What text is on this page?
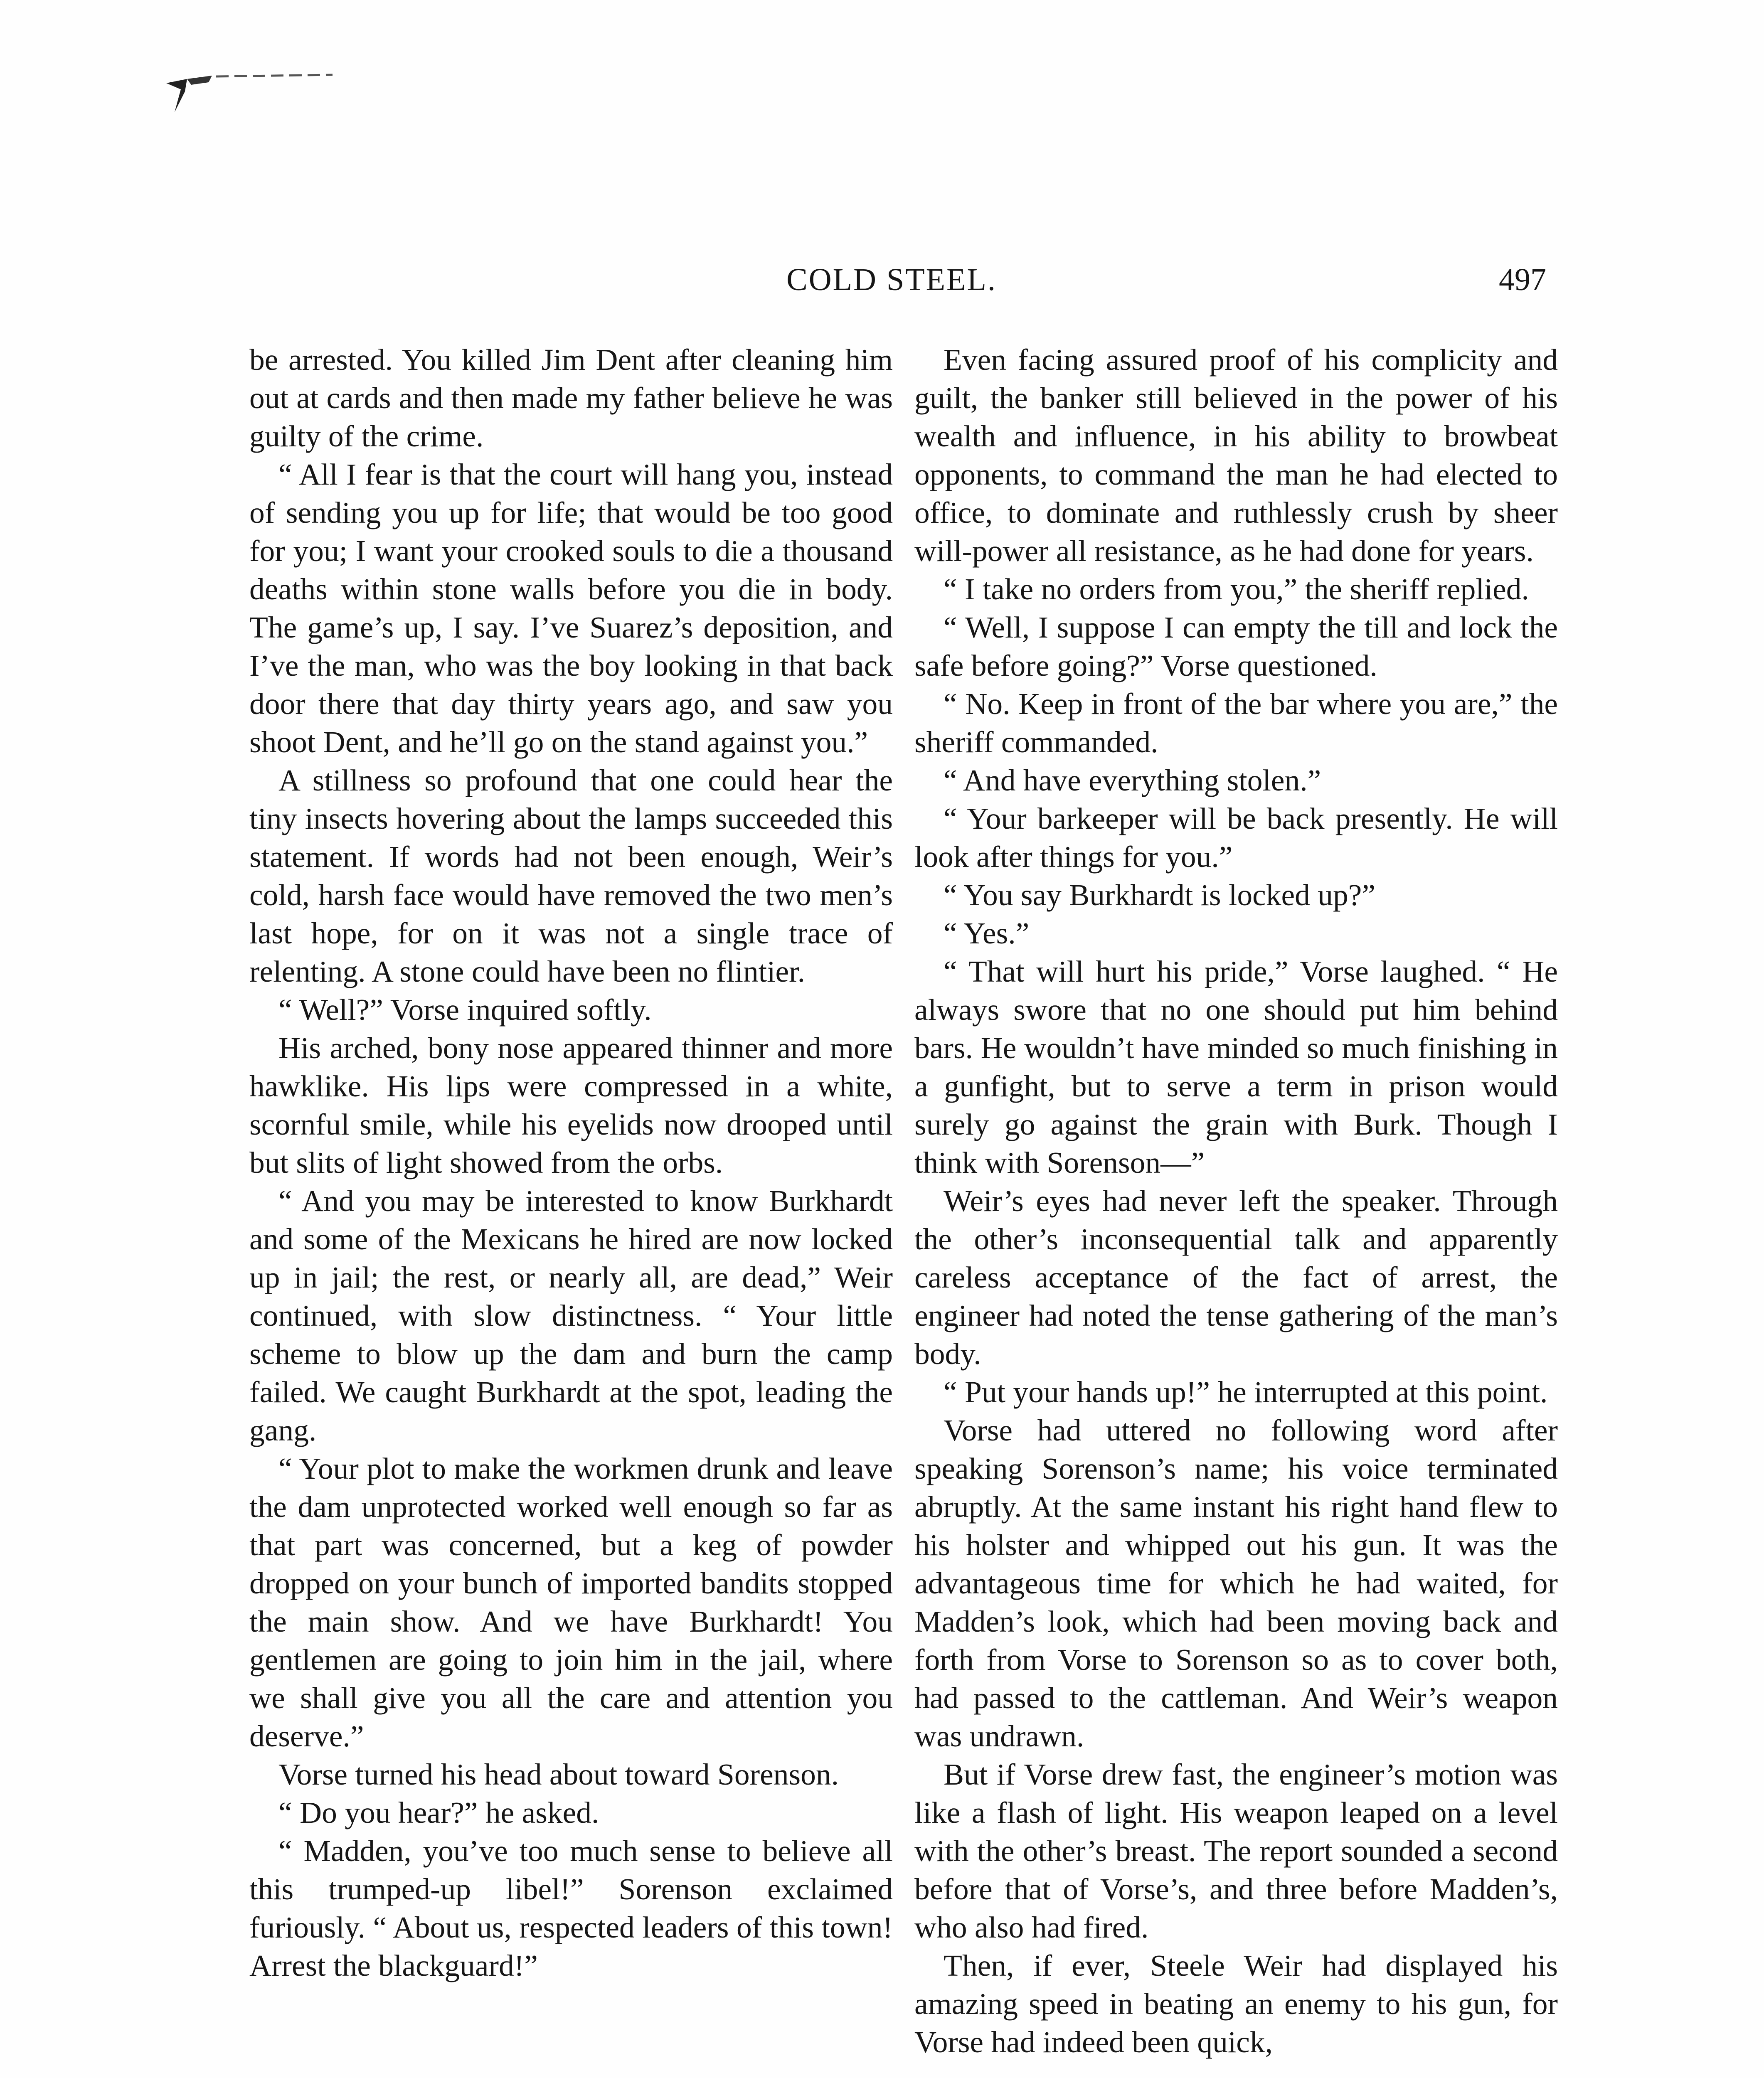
COLD STEEL.	497

be arrested. You killed Jim Dent after cleaning him out at cards and then made my father believe he was guilty of the crime.

“ All I fear is that the court will hang you, instead of sending you up for life; that would be too good for you; I want your crooked souls to die a thousand deaths within stone walls before you die in body. The game’s up, I say. I’ve Suarez’s deposition, and I’ve the man, who was the boy looking in that back door there that day thirty years ago, and saw you shoot Dent, and he’ll go on the stand against you.”

A stillness so profound that one could hear the tiny insects hovering about the lamps succeeded this statement. If words had not been enough, Weir’s cold, harsh face would have removed the two men’s last hope, for on it was not a single trace of relenting. A stone could have been no flintier.

“ Well?” Vorse inquired softly.

His arched, bony nose appeared thinner and more hawklike. His lips were compressed in a white, scornful smile, while his eyelids now drooped until but slits of light showed from the orbs.

“ And you may be interested to know Burkhardt and some of the Mexicans he hired are now locked up in jail; the rest, or nearly all, are dead,” Weir continued, with slow distinctness. “ Your little scheme to blow up the dam and burn the camp failed. We caught Burkhardt at the spot, leading the gang.

“ Your plot to make the workmen drunk and leave the dam unprotected worked well enough so far as that part was concerned, but a keg of powder dropped on your bunch of imported bandits stopped the main show. And we have Burkhardt! You gentlemen are going to join him in the jail, where we shall give you all the care and attention you deserve.”

Vorse turned his head about toward Sorenson.

“ Do you hear?” he asked.

“ Madden, you’ve too much sense to believe all this trumped-up libel!” Sorenson exclaimed furiously. “ About us, respected leaders of this town! Arrest the blackguard!”

Even facing assured proof of his complicity and guilt, the banker still believed in the power of his wealth and influence, in his ability to browbeat opponents, to command the man he had elected to office, to dominate and ruthlessly crush by sheer will-power all resistance, as he had done for years.

“ I take no orders from you,” the sheriff replied.

“ Well, I suppose I can empty the till and lock the safe before going?” Vorse questioned.

“ No. Keep in front of the bar where you are,” the sheriff commanded.

“ And have everything stolen.”

“ Your barkeeper will be back presently. He will look after things for you.”

“ You say Burkhardt is locked up?”

“ Yes.”

“ That will hurt his pride,” Vorse laughed. “ He always swore that no one should put him behind bars. He wouldn’t have minded so much finishing in a gunfight, but to serve a term in prison would surely go against the grain with Burk. Though I think with Sorenson—”

Weir’s eyes had never left the speaker. Through the other’s inconsequential talk and apparently careless acceptance of the fact of arrest, the engineer had noted the tense gathering of the man’s body.

“ Put your hands up!” he interrupted at this point.

Vorse had uttered no following word after speaking Sorenson’s name; his voice terminated abruptly. At the same instant his right hand flew to his holster and whipped out his gun. It was the advantageous time for which he had waited, for Madden’s look, which had been moving back and forth from Vorse to Sorenson so as to cover both, had passed to the cattleman. And Weir’s weapon was undrawn.

But if Vorse drew fast, the engineer’s motion was like a flash of light. His weapon leaped on a level with the other’s breast. The report sounded a second before that of Vorse’s, and three before Madden’s, who also had fired.

Then, if ever, Steele Weir had displayed his amazing speed in beating an enemy to his gun, for Vorse had indeed been quick,
